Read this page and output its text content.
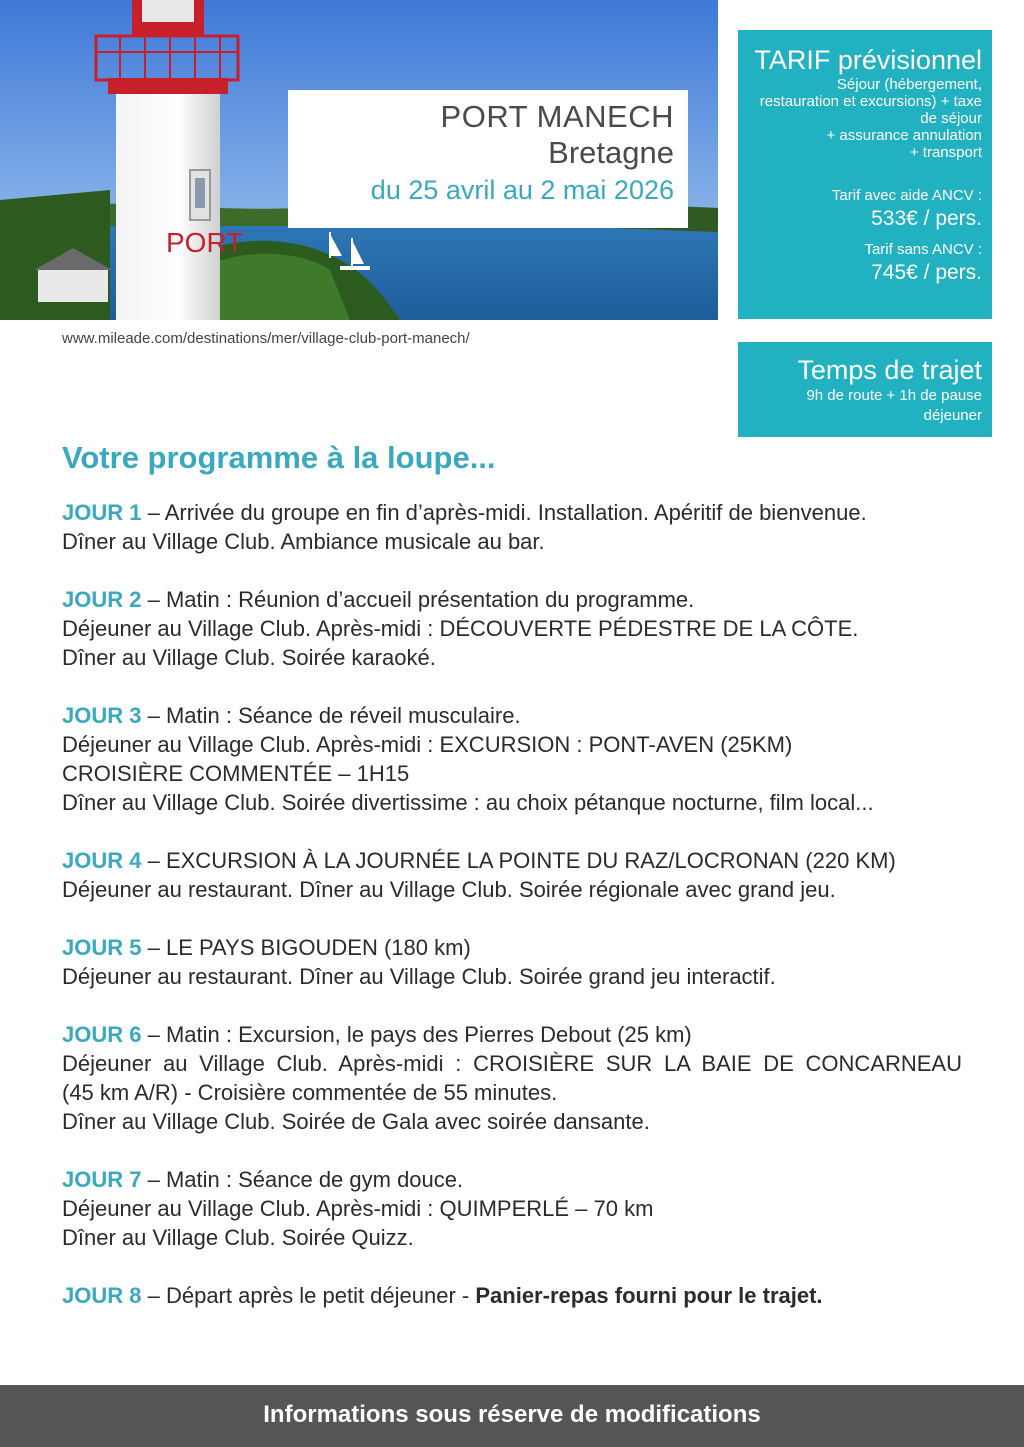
PORT
PORT MANECH
Bretagne
du 25 avril au 2 mai 2026
www.mileade.com/destinations/mer/village-club-port-manech/
TARIF prévisionnel
Séjour (hébergement,
restauration et excursions) + taxe
de séjour
+ assurance annulation
+ transport
Tarif avec aide ANCV :
533€ / pers.
Tarif sans ANCV :
745€ / pers.
Temps de trajet
9h de route + 1h de pause
déjeuner
Votre programme à la loupe...
JOUR 1 – Arrivée du groupe en fin d’après-midi. Installation. Apéritif de bienvenue.
Dîner au Village Club. Ambiance musicale au bar.
JOUR 2 – Matin : Réunion d’accueil présentation du programme.
Déjeuner au Village Club. Après-midi : DÉCOUVERTE PÉDESTRE DE LA CÔTE.
Dîner au Village Club. Soirée karaoké.
JOUR 3 – Matin : Séance de réveil musculaire.
Déjeuner au Village Club. Après-midi : EXCURSION : PONT-AVEN (25KM)
CROISIÈRE COMMENTÉE – 1H15
Dîner au Village Club. Soirée divertissime : au choix pétanque nocturne, film local...
JOUR 4 – EXCURSION À LA JOURNÉE LA POINTE DU RAZ/LOCRONAN (220 KM)
Déjeuner au restaurant. Dîner au Village Club. Soirée régionale avec grand jeu.
JOUR 5 – LE PAYS BIGOUDEN (180 km)
Déjeuner au restaurant. Dîner au Village Club. Soirée grand jeu interactif.
JOUR 6 – Matin : Excursion, le pays des Pierres Debout (25 km)
Déjeuner au Village Club. Après-midi : CROISIÈRE SUR LA BAIE DE CONCARNEAU
(45 km A/R) - Croisière commentée de 55 minutes.
Dîner au Village Club. Soirée de Gala avec soirée dansante.
JOUR 7 – Matin : Séance de gym douce.
Déjeuner au Village Club. Après-midi : QUIMPERLÉ – 70 km
Dîner au Village Club. Soirée Quizz.
JOUR 8 – Départ après le petit déjeuner - Panier-repas fourni pour le trajet.
Informations sous réserve de modifications
